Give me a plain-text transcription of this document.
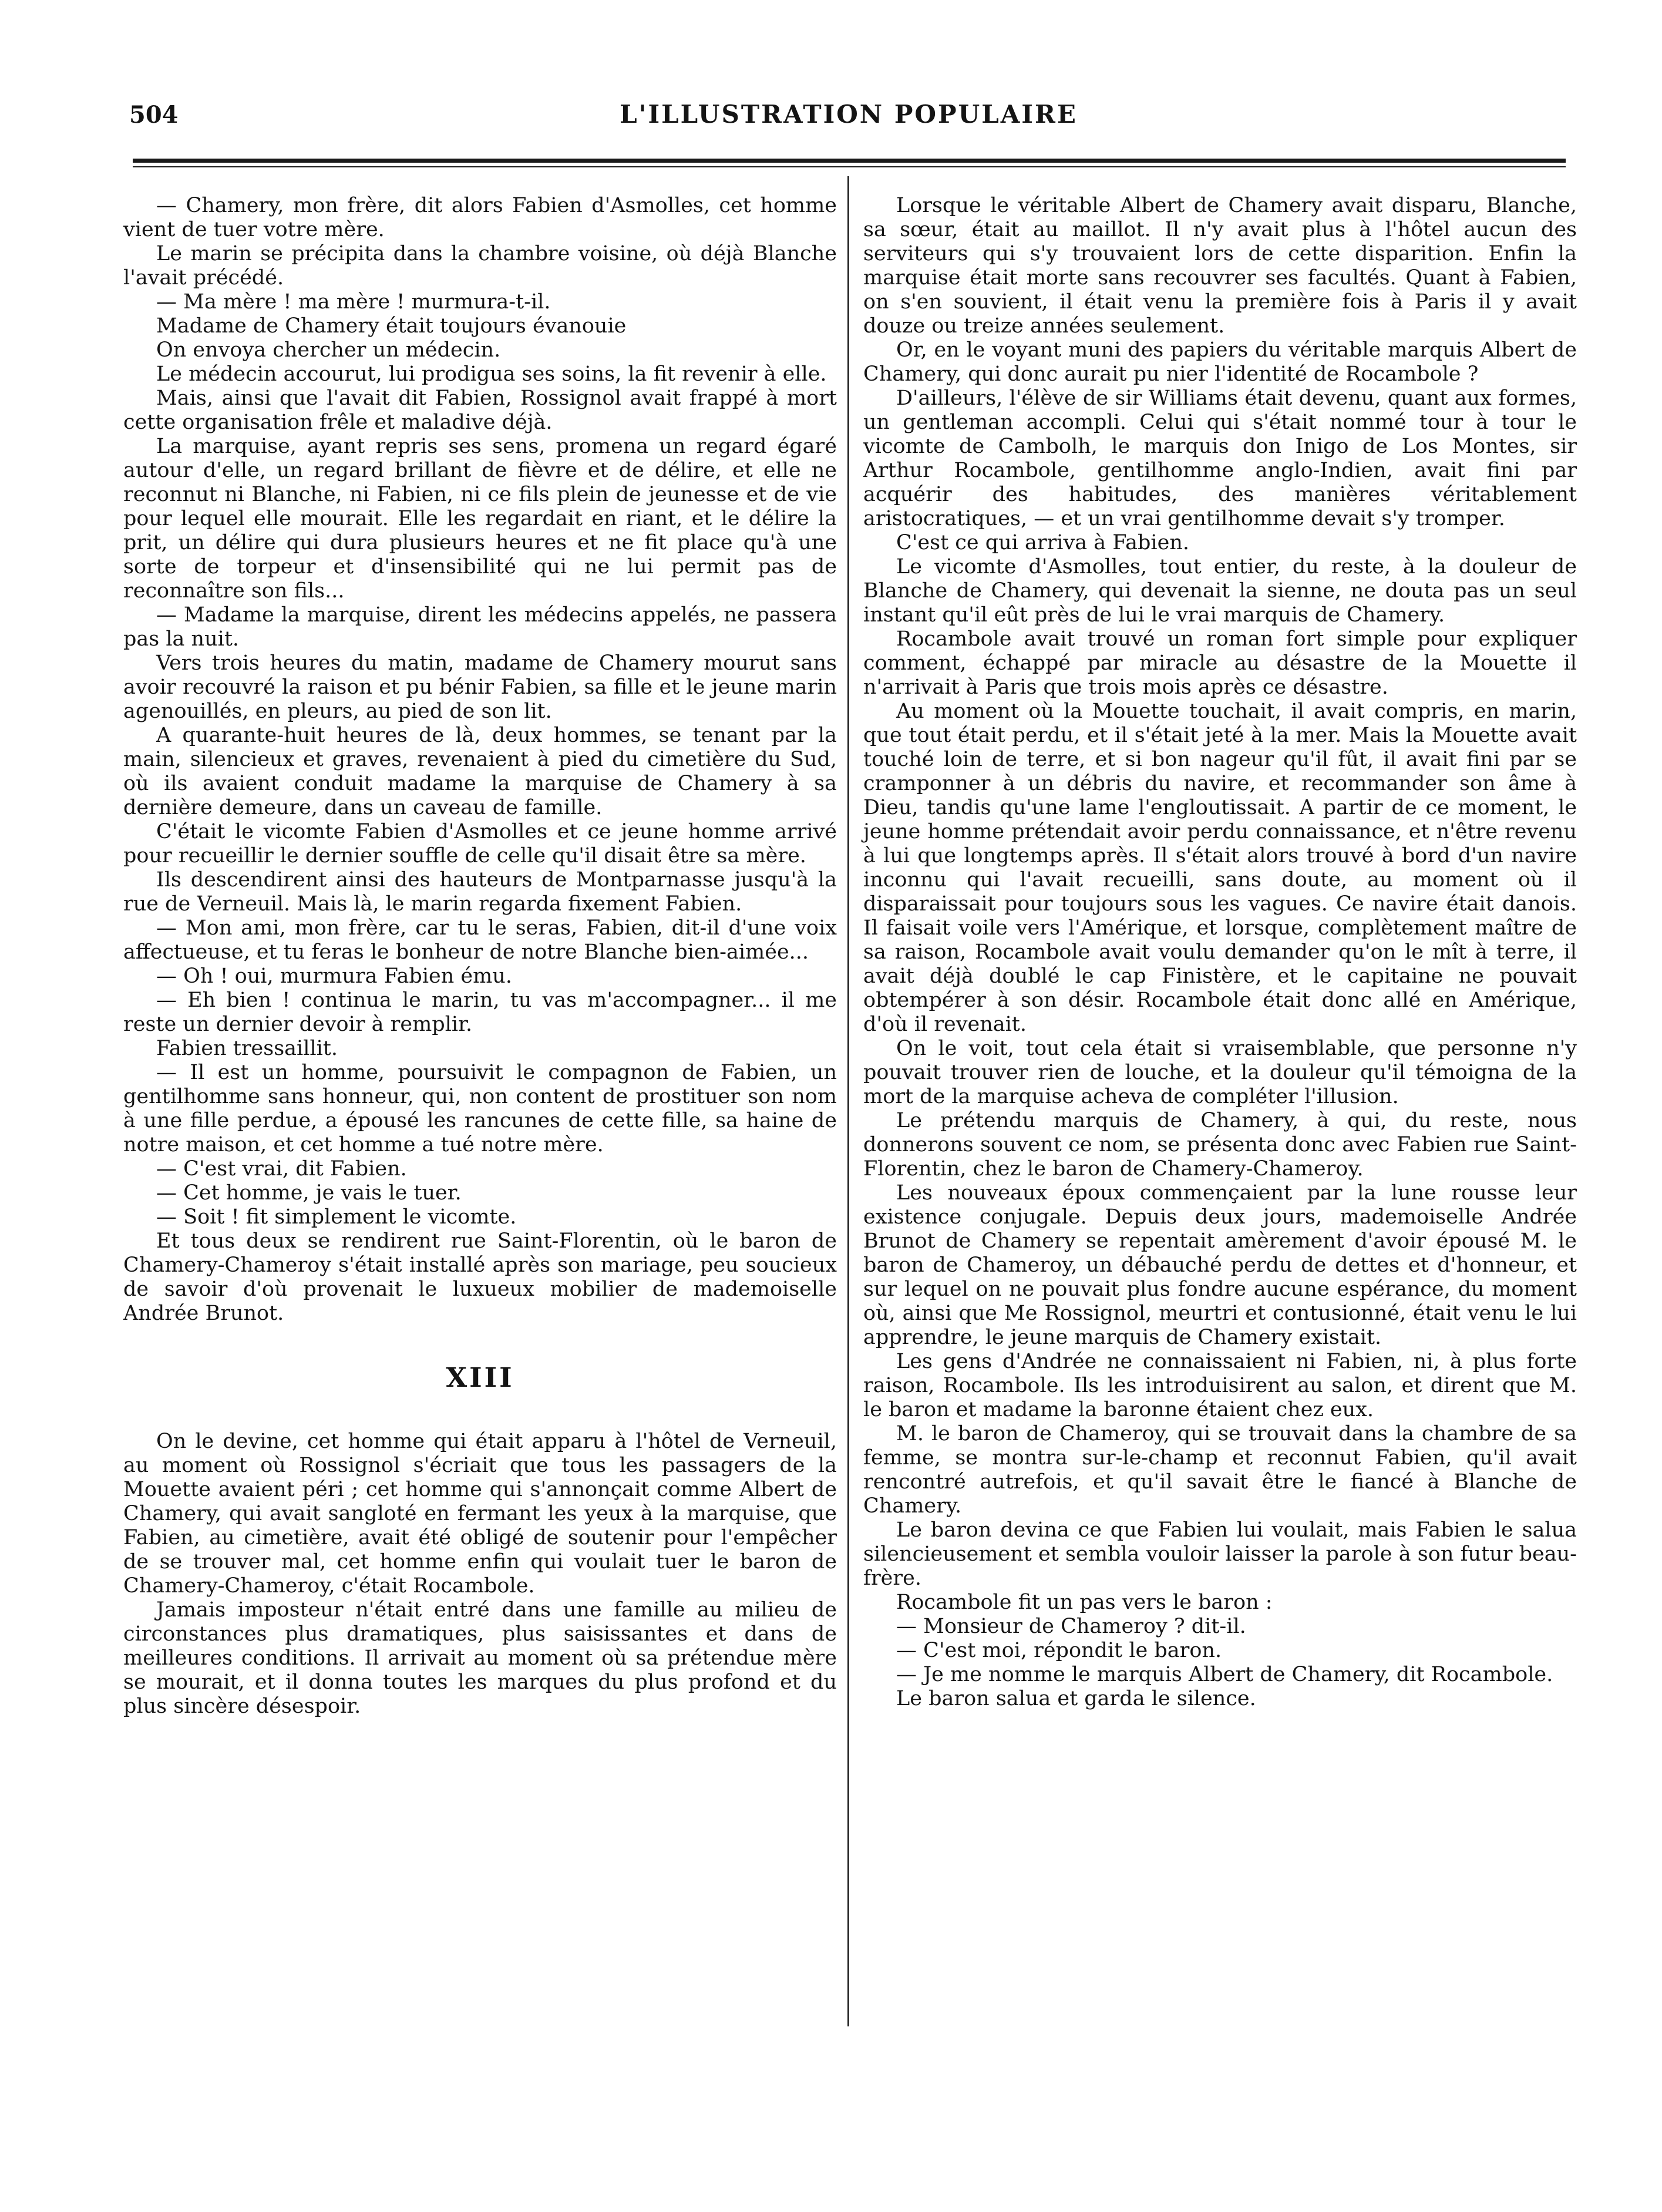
504	L'ILLUSTRATION POPULAIRE

— Chamery, mon frère, dit alors Fabien d'Asmolles, cet homme vient de tuer votre mère.

Le marin se précipita dans la chambre voisine, où déjà Blanche l'avait précédé.

— Ma mère ! ma mère ! murmura-t-il.

Madame de Chamery était toujours évanouie

On envoya chercher un médecin.

Le médecin accourut, lui prodigua ses soins, la fit revenir à elle.

Mais, ainsi que l'avait dit Fabien, Rossignol avait frappé à mort cette organisation frêle et maladive déjà.

La marquise, ayant repris ses sens, promena un regard égaré autour d'elle, un regard brillant de fièvre et de délire, et elle ne reconnut ni Blanche, ni Fabien, ni ce fils plein de jeunesse et de vie pour lequel elle mourait. Elle les regardait en riant, et le délire la prit, un délire qui dura plusieurs heures et ne fit place qu'à une sorte de torpeur et d'insensibilité qui ne lui permit pas de reconnaître son fils...

— Madame la marquise, dirent les médecins appelés, ne passera pas la nuit.

Vers trois heures du matin, madame de Chamery mourut sans avoir recouvré la raison et pu bénir Fabien, sa fille et le jeune marin agenouillés, en pleurs, au pied de son lit.

A quarante-huit heures de là, deux hommes, se tenant par la main, silencieux et graves, revenaient à pied du cimetière du Sud, où ils avaient conduit madame la marquise de Chamery à sa dernière demeure, dans un caveau de famille.

C'était le vicomte Fabien d'Asmolles et ce jeune homme arrivé pour recueillir le dernier souffle de celle qu'il disait être sa mère.

Ils descendirent ainsi des hauteurs de Montparnasse jusqu'à la rue de Verneuil. Mais là, le marin regarda fixement Fabien.

— Mon ami, mon frère, car tu le seras, Fabien, dit-il d'une voix affectueuse, et tu feras le bonheur de notre Blanche bien-aimée...

— Oh ! oui, murmura Fabien ému.

— Eh bien ! continua le marin, tu vas m'accompagner... il me reste un dernier devoir à remplir.

Fabien tressaillit.

— Il est un homme, poursuivit le compagnon de Fabien, un gentilhomme sans honneur, qui, non content de prostituer son nom à une fille perdue, a épousé les rancunes de cette fille, sa haine de notre maison, et cet homme a tué notre mère.

— C'est vrai, dit Fabien.

— Cet homme, je vais le tuer.

— Soit ! fit simplement le vicomte.

Et tous deux se rendirent rue Saint-Florentin, où le baron de Chamery-Chameroy s'était installé après son mariage, peu soucieux de savoir d'où provenait le luxueux mobilier de mademoiselle Andrée Brunot.

XIII

On le devine, cet homme qui était apparu à l'hôtel de Verneuil, au moment où Rossignol s'écriait que tous les passagers de la Mouette avaient péri ; cet homme qui s'annonçait comme Albert de Chamery, qui avait sangloté en fermant les yeux à la marquise, que Fabien, au cimetière, avait été obligé de soutenir pour l'empêcher de se trouver mal, cet homme enfin qui voulait tuer le baron de Chamery-Chameroy, c'était Rocambole.

Jamais imposteur n'était entré dans une famille au milieu de circonstances plus dramatiques, plus saisissantes et dans de meilleures conditions. Il arrivait au moment où sa prétendue mère se mourait, et il donna toutes les marques du plus profond et du plus sincère désespoir.

Lorsque le véritable Albert de Chamery avait disparu, Blanche, sa sœur, était au maillot. Il n'y avait plus à l'hôtel aucun des serviteurs qui s'y trouvaient lors de cette disparition. Enfin la marquise était morte sans recouvrer ses facultés. Quant à Fabien, on s'en souvient, il était venu la première fois à Paris il y avait douze ou treize années seulement.

Or, en le voyant muni des papiers du véritable marquis Albert de Chamery, qui donc aurait pu nier l'identité de Rocambole ?

D'ailleurs, l'élève de sir Williams était devenu, quant aux formes, un gentleman accompli. Celui qui s'était nommé tour à tour le vicomte de Cambolh, le marquis don Inigo de Los Montes, sir Arthur Rocambole, gentilhomme anglo-Indien, avait fini par acquérir des habitudes, des manières véritablement aristocratiques, — et un vrai gentilhomme devait s'y tromper.

C'est ce qui arriva à Fabien.

Le vicomte d'Asmolles, tout entier, du reste, à la douleur de Blanche de Chamery, qui devenait la sienne, ne douta pas un seul instant qu'il eût près de lui le vrai marquis de Chamery.

Rocambole avait trouvé un roman fort simple pour expliquer comment, échappé par miracle au désastre de la Mouette il n'arrivait à Paris que trois mois après ce désastre.

Au moment où la Mouette touchait, il avait compris, en marin, que tout était perdu, et il s'était jeté à la mer. Mais la Mouette avait touché loin de terre, et si bon nageur qu'il fût, il avait fini par se cramponner à un débris du navire, et recommander son âme à Dieu, tandis qu'une lame l'engloutissait. A partir de ce moment, le jeune homme prétendait avoir perdu connaissance, et n'être revenu à lui que longtemps après. Il s'était alors trouvé à bord d'un navire inconnu qui l'avait recueilli, sans doute, au moment où il disparaissait pour toujours sous les vagues. Ce navire était danois. Il faisait voile vers l'Amérique, et lorsque, complètement maître de sa raison, Rocambole avait voulu demander qu'on le mît à terre, il avait déjà doublé le cap Finistère, et le capitaine ne pouvait obtempérer à son désir. Rocambole était donc allé en Amérique, d'où il revenait.

On le voit, tout cela était si vraisemblable, que personne n'y pouvait trouver rien de louche, et la douleur qu'il témoigna de la mort de la marquise acheva de compléter l'illusion.

Le prétendu marquis de Chamery, à qui, du reste, nous donnerons souvent ce nom, se présenta donc avec Fabien rue Saint-Florentin, chez le baron de Chamery-Chameroy.

Les nouveaux époux commençaient par la lune rousse leur existence conjugale. Depuis deux jours, mademoiselle Andrée Brunot de Chamery se repentait amèrement d'avoir épousé M. le baron de Chameroy, un débauché perdu de dettes et d'honneur, et sur lequel on ne pouvait plus fondre aucune espérance, du moment où, ainsi que Me Rossignol, meurtri et contusionné, était venu le lui apprendre, le jeune marquis de Chamery existait.

Les gens d'Andrée ne connaissaient ni Fabien, ni, à plus forte raison, Rocambole. Ils les introduisirent au salon, et dirent que M. le baron et madame la baronne étaient chez eux.

M. le baron de Chameroy, qui se trouvait dans la chambre de sa femme, se montra sur-le-champ et reconnut Fabien, qu'il avait rencontré autrefois, et qu'il savait être le fiancé à Blanche de Chamery.

Le baron devina ce que Fabien lui voulait, mais Fabien le salua silencieusement et sembla vouloir laisser la parole à son futur beau-frère.

Rocambole fit un pas vers le baron :

— Monsieur de Chameroy ? dit-il.

— C'est moi, répondit le baron.

— Je me nomme le marquis Albert de Chamery, dit Rocambole.

Le baron salua et garda le silence.
